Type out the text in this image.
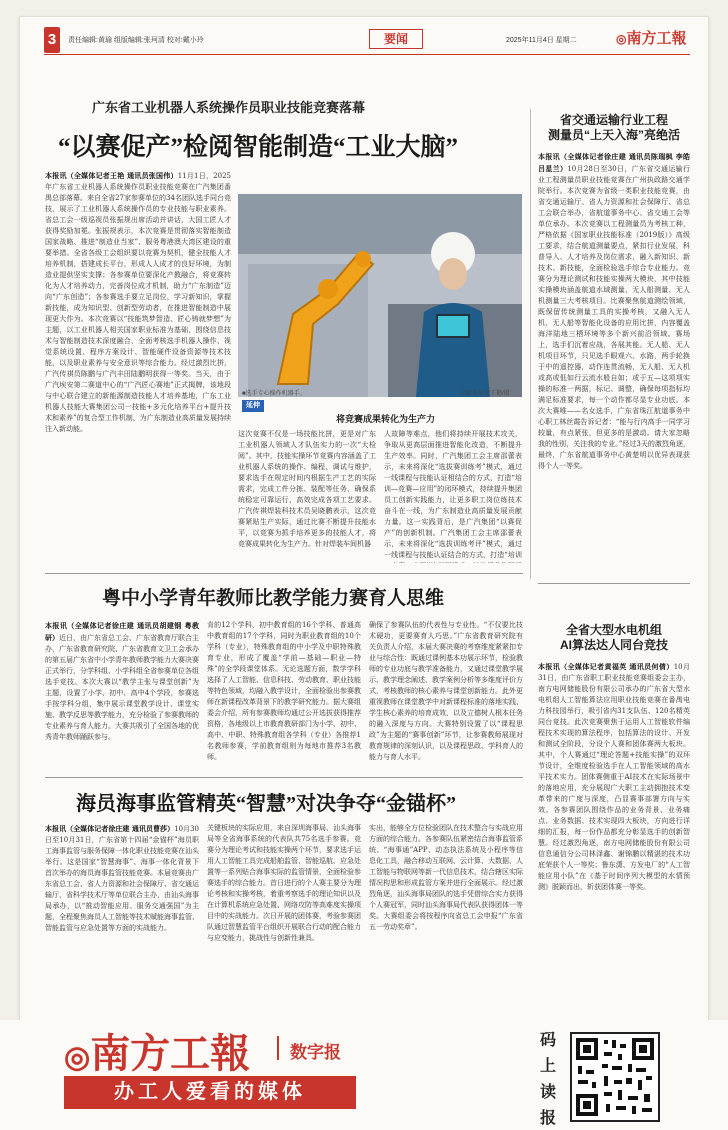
3	责任编辑:黄瑜 组版编辑:张珂清 校对:戴小玲	要闻	2025年11月4日 星期二	◎南方工報
广东省工业机器人系统操作员职业技能竞赛落幕
“以赛促产”检阅智能制造“工业大脑”
本报讯（全媒体记者王艳 通讯员张国伟）11月1日，2025年广东省工业机器人系统操作员职业技能竞赛在广汽集团番禺总部落幕。来自全省27家参赛单位的34名团队选手同台竞技，展示了工业机器人系统操作员的专业技能与职业素养。省总工会一级巡视员张振规出席活动并讲话，大国工匠人才获得奖励加冕。张振规表示，本次竞赛是贯彻落实智能制造国家战略、推进“制造业当家”、服务粤港澳大湾区建设的重要举措。全省各级工会组织要以竞赛为契机，健全技能人才培养机制，搭建成长平台，形成人人成才的良好环境，为制造业提供坚实支撑；各参赛单位要深化产教融合，将竞赛转化为人才培养动力，完善岗位成才机制，助力“广东制造”迈向“广东创造”；各参赛选手要立足岗位，学习新知识，掌握新技能，成为知识型、创新型劳动者，在推进智能制造中展现更大作为。本次竞赛以“技能筑梦智造、匠心铸就梦想”为主题，以工业机器人相关国家职业标准为基础，围绕信息技术与智能制造技术深度融合，全面考核选手机器人操作、视觉系统设置、程序方案设计、智能硬件设备资源等技术技能，以及职业素养与安全意识等综合能力。经过激烈比拼，广汽传祺员陈鹏与广汽丰田陆鹏明获得一等奖。当天，由于广汽埃安第二赛道中心的“广汽匠心赛地”正式揭牌，该地段与中心联合建立的新能源制造技能人才培养基地，广东工业机器人技能大赛集团公司一技能+多元化培养平台+提升技术和素养”的复合型工作机制，为广东制造业高质量发展持续注入新动能。
■选手专心操作机器手。	全媒体记者王艳/摄
延伸
将竞赛成果转化为生产力
这次竞赛不仅是一场技能比拼，更是对广东工业机器人领域人才队伍实力的一次“大检阅”。其中，技能实操环节竞赛内容涵盖了工业机器人系统的操作、编程、调试与维护，要求选手在规定时间内根据生产工艺的实际需求，完成工件分拣、装配等任务，确保系统稳定可靠运行，高效完成各项工艺要求。广汽传祺焊装科技术员吴晓鹏表示，这次竞赛紧贴生产实际，通过比赛不断提升技能水平，以竞赛为抓手培养更多的技能人才，将竞赛成果转化为生产力。针对焊装车间机器
人故障等难点，他们将持续开展技术攻关，争取从更高层面推进智能化改造，不断提升生产效率。同时，广汽集团工会主席邵蕾表示，未来将深化“选拔赛训练考”模式，通过一线课程与技能认证相结合的方式，打造“培训—竞赛—应用”的闭环模式，持续提升集团员工创新实践能力，让更多职工岗位练技术奋斗在一线，为广东制造业高质量发展贡献力量。这一实践背后，是广汽集团“以赛促产”的创新机制。广汽集团工会主席邵蕾表示，未来将深化“选拔训练考评”模式，通过一线课程与技能认证结合的方式，打造“培训
省交通运输行业工程
测量员“上天入海”亮绝活
本报讯（全媒体记者徐庄建 通讯员陈瑞枫 李皓 吕星兰）10月28日至30日，广东省交通运输行业工程测量员职业技能竞赛在广州执政路交通学院举行。本次竞赛为省级一类职业技能竞赛，由省交通运输厅、省人力资源和社会保障厅、省总工会联合举办，省航道事务中心、省交通工会等单位承办。本次竞赛以工程测量员为考核工种，严格依据《国家职业技能标准（2019版）》高级工要求，结合航道测量要点，紧扣行业发展，科普导入、人才培养及岗位需求，融入新知识、新技术、新技能，全面检验选手综合专业能力。竞赛分为理论测试和技能实操两大模块，其中技能实操模块涵盖航道水域测量、无人船测量、无人机测量三大考核项目。比赛聚焦航道测绘领域，既保留传统测量工具的实操考核，又融入无人机、无人船等智能化设备的应用比拼，内容覆盖海洋陆地三栖环境等多个新兴前沿领域。赛场上，选手们沉着应战，各展其能。无人船、无人机项目环节，只见选手眼观六、水路，两手轮换于中的遥控器，动作连贯流畅，无人船、无人机或高或低如行云流水般自如；或于五—这项项实操的标准一两据，标记、调整，确保每项指标均满足标准要求，每一个动作都尽显专业功底。本次大赛唯——名女选手，广东省珠江航道事务中心职工林丝霞告诉记者：“能与行内高手一同学习较量，有点紧张，但更多的是激动。请大家忽略我的性别，关注我的专业。”经过3天的激烈角逐，最终，广东省航道事务中心黄楚明以优异表现获得个人一等奖。
全省大型水电机组
AI算法达人同台竞技
本报讯（全媒体记者黄福英 通讯员何倩）10月31日，由广东省职工职业技能竞赛组委会主办，南方电网储能股份有限公司承办的广东省大型水电机组人工智能算法应用职业技能竞赛在番禺电力科技园举行，吸引省内31支队伍、120名精英同台竞技。此次竞赛聚焦于运用人工智能软件编程技术实现的算法程序，包括算法的设计、开发和测试全阶段，分设个人赛和团体赛两大板块。其中，个人赛通过“理论答题+技能实操”的双环节设计，全维度检验选手在人工智能领域的高水平技术实力。团体赛侧重于AI技术在实际场景中的落地应用，充分展现广大职工主动拥抱技术变革带来的广度与深度，凸显赛事部署方向与实效。各参赛团队围绕作品的业务背景、业务痛点、业务数据、技术实现四大板块，方向进行详细的汇报，每一份作品都充分彰显选手的创新智慧。经过激烈角逐，南方电网储能股份有限公司信息通信分公司林泽鑫、谢锦鹏以精湛的技术功底荣获个人一等奖；鲁东潇、方发电厂的“人工智能应用小队”在《基于时间序列大模型的水情预测》脱颖而出，斩获团体赛一等奖。
粤中小学青年教师比教学能力赛育人思维
本报讯（全媒体记者徐庄建 通讯员胡建钢 粤教研）近日，由广东省总工会、广东省教育厅联合主办，广东省教育研究院、广东省教育文卫工会承办的第五届广东省中小学青年教师教学能力大赛决赛正式举行，分学科组、小学科组全省参赛单位各组选手竞技。本次大赛以“教学主张与课堂创新”为主题，设置了小学、初中、高中4个学段，参赛选手按学科分组，集中展示课堂教学设计、课堂实施、教学反思等教学能力，充分检验了参赛教师的专业素养与育人能力。大赛共吸引了全国各地的优秀青年教师踊跃参与。
肯的12个学科、初中教育组的16个学科、普通高中教育组的17个学科，同时为职业教育组的10个学科（专业），特殊教育组的中小学及中职特殊教育专业，形成了覆盖“学前—基础—职业—特殊”的全学段课堂体系。无论选题方面，数学学科选择了人工智能、信息科技、劳动教育、职业技能等特色领域，均融入教学设计，全面检验出参赛教师在新课程改革背景下的教学研究能力。据大赛组委会介绍，所有参赛教师均通过公开选拔获得推荐资格，各地级以上市教育教研部门为小学、初中、高中、中职、特殊教育组各学科（专业）各推荐1名教师参赛，学前教育组则为每地市推荐3名教师。
确保了参赛队伍的代表性与专业性。“不仅要比技术硬功，更要赛育人巧思。”广东省教育研究院有关负责人介绍，本届大赛决赛的考察维度紧紧扣专业与综合性：既通过课例基本功展示环节，检验教师的专业功底与教学准备能力，又通过课堂教学展示、教学理念阐述、教学案例分析等多维度评价方式，考核教师的核心素养与课堂创新能力。此外更重视教师在课堂教学中对新课程标准的落地实践、学生核心素养的培育成效，以及立德树人根本任务的融入深度与方向。大赛特别设置了以“课程思政”为主题的“赛事创新”环节，让参赛教师展现对教育规律的深刻认识，以及课程思政、学科育人的能力与育人水平。
海员海事监管精英“智慧”对决争夺“金锚杯”
本报讯（全媒体记者徐庄建 通讯员曹莎）10月30日至10月31日，广东省第十四届“金锚杯”海员职工海事监管与服务保障一体化职业技能竞赛在汕头举行。这是国家“智慧海事”、海事一体化背景下首次举办的海员海事监管技能竞赛。本届竞赛由广东省总工会、省人力资源和社会保障厅、省交通运输厅，省科学技术厅等单位联合主办，由汕头海事局承办，以“推动智能应用、服务交通强国”为主题，全程聚焦海员人工智能等技术赋能海事监管、智能监管与应急处置等方面的实战能力。
关键板块的实际应用，来自深圳海事局、汕头海事局等全省海事系统的代表队共75名选手参赛。竞赛分为理论考试和技能实操两个环节，要求选手运用人工智能工具完成船舶监管、智能巡航、应急处置等一系列贴合海事实际的监管情景，全面检验参赛选手的综合能力。首日进行的个人赛主要分为理论考核和实操考核，着重考察选手的理论知识以及在计算机系统应急处置、网络攻防等高难度实操项目中的实战能力。次日开展的团体赛，考验参赛团队通过智慧监管平台组织开展联合行动的配合能力与应变能力，挑战性与创新性兼具。
实出，能够全方位检验团队在技术整合与实战应用方面的综合能力。各参赛队伍紧密结合海事监管系统、“海事通”APP、动态执法系统及小程序等信息化工具，融合移动互联网、云计算、大数据、人工智能与物联网等新一代信息技术，结合辖区实际情况构思和形成监管方案并进行全面展示。经过激烈角逐，汕头海事局团队的选手凭借综合实力获得个人赛冠军，同时汕头海事局代表队获得团体一等奖。大赛组委会将按程序向省总工会申报“广东省五一劳动奖章”。
◎南方工報 数字报
办工人爱看的媒体
码
上
读
报
